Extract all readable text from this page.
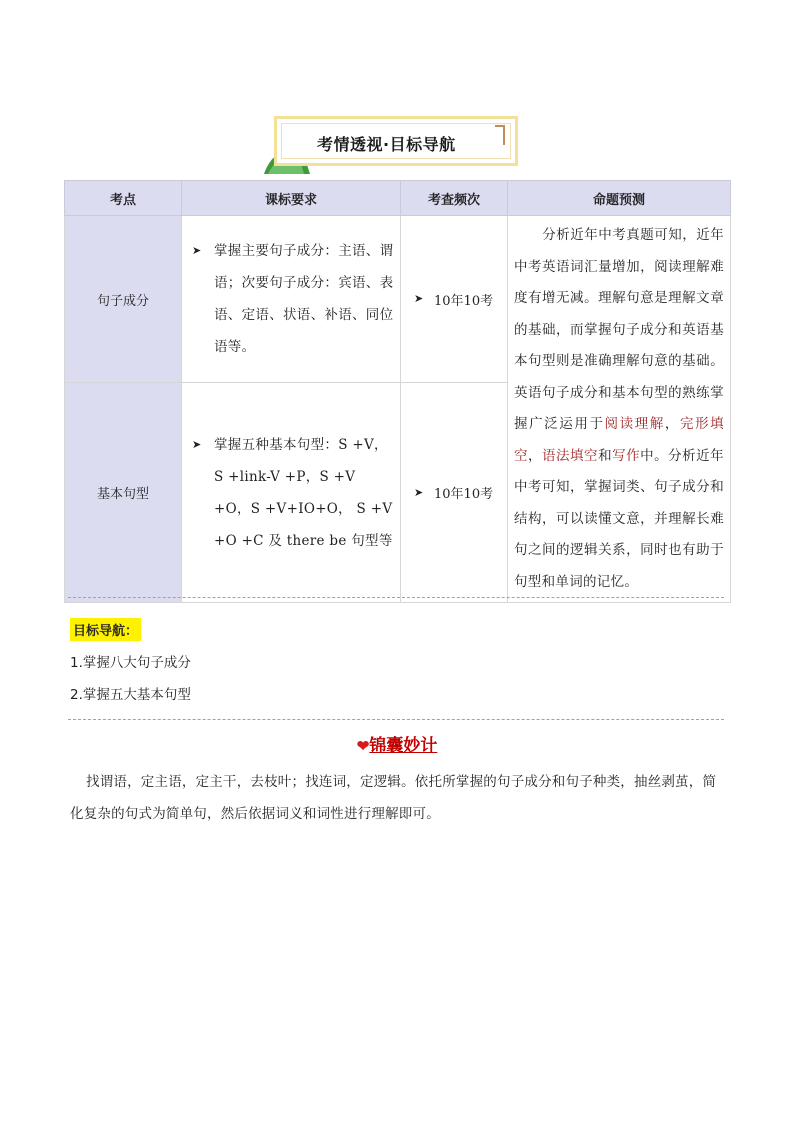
考情透视·目标导航
考点	课标要求	考查频次	命题预测
句子成分	➤ 掌握主要句子成分：主语、谓语；次要句子成分：宾语、表语、定语、状语、补语、同位语等。	➤ 10年10考	分析近年中考真题可知，近年中考英语词汇量增加，阅读理解难度有增无减。理解句意是理解文章的基础，而掌握句子成分和英语基本句型则是准确理解句意的基础。英语句子成分和基本句型的熟练掌握广泛运用于阅读理解，完形填空，语法填空和写作中。分析近年中考可知，掌握词类、句子成分和结构，可以读懂文意，并理解长难句之间的逻辑关系，同时也有助于句型和单词的记忆。
基本句型	➤ 掌握五种基本句型：S +V，S +link-V +P，S +V +O，S +V+IO+O， S +V +O +C 及 there be 句型等	➤ 10年10考	
目标导航：
1.掌握八大句子成分
2.掌握五大基本句型
❤锦囊妙计
找谓语，定主语，定主干，去枝叶；找连词，定逻辑。依托所掌握的句子成分和句子种类，抽丝剥茧，简化复杂的句式为简单句，然后依据词义和词性进行理解即可。
